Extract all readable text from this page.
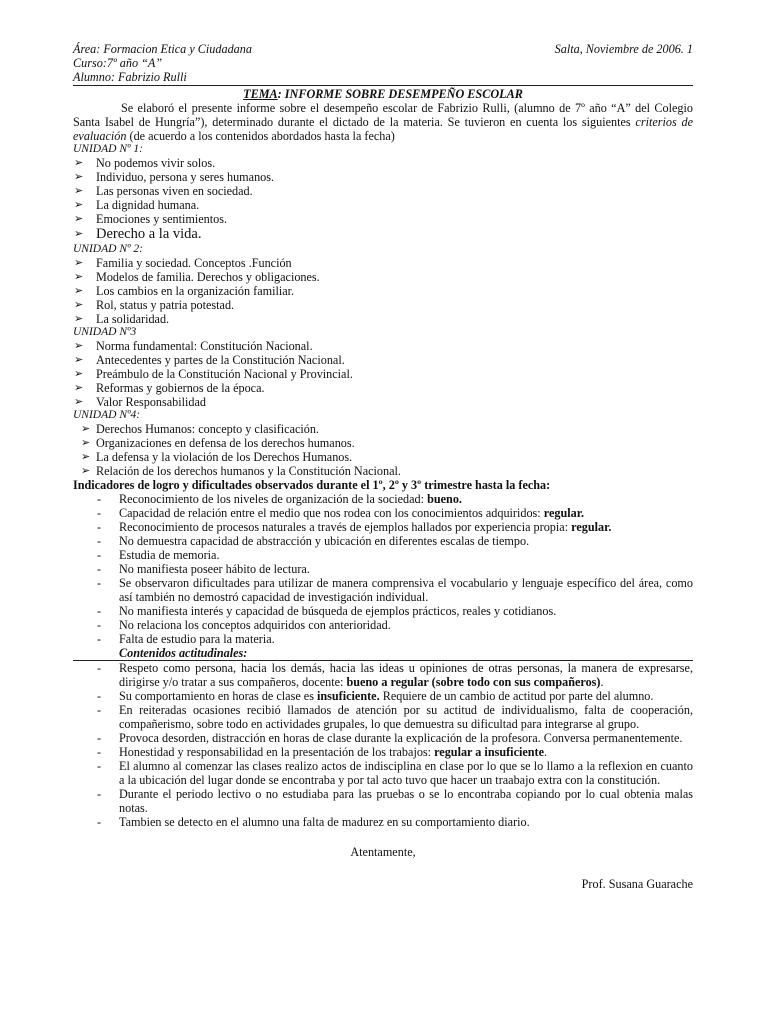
Área: Formacion Etica y Ciudadana
Curso:7º año “A”
Alumno: Fabrizio Rulli
Salta, Noviembre de 2006. 1
TEMA: INFORME SOBRE DESEMPEÑO ESCOLAR
Se elaboró el presente informe sobre el desempeño escolar de Fabrizio Rulli, (alumno de 7º año “A” del Colegio Santa Isabel de Hungría”), determinado durante el dictado de la materia. Se tuvieron en cuenta los siguientes criterios de evaluación (de acuerdo a los contenidos abordados hasta la fecha)
UNIDAD Nº 1:
➢ No podemos vivir solos.
➢ Individuo, persona y seres humanos.
➢ Las personas viven en sociedad.
➢ La dignidad humana.
➢ Emociones y sentimientos.
➢ Derecho a la vida.
UNIDAD Nº 2:
➢ Familia y sociedad. Conceptos .Función
➢ Modelos de familia. Derechos y obligaciones.
➢ Los cambios en la organización familiar.
➢ Rol, status y patria potestad.
➢ La solidaridad.
UNIDAD Nº3
➢ Norma fundamental: Constitución Nacional.
➢ Antecedentes y partes de la Constitución Nacional.
➢ Preámbulo de la Constitución Nacional y Provincial.
➢ Reformas y gobiernos de la época.
➢ Valor Responsabilidad
UNIDAD Nº4:
➢ Derechos Humanos: concepto y clasificación.
➢ Organizaciones en defensa de los derechos humanos.
➢ La defensa y la violación de los Derechos Humanos.
➢ Relación de los derechos humanos y la Constitución Nacional.
Indicadores de logro y dificultades observados durante el 1º, 2º y 3º trimestre hasta la fecha:
- Reconocimiento de los niveles de organización de la sociedad: bueno.
- Capacidad de relación entre el medio que nos rodea con los conocimientos adquiridos: regular.
- Reconocimiento de procesos naturales a través de ejemplos hallados por experiencia propia: regular.
- No demuestra capacidad de abstracción y ubicación en diferentes escalas de tiempo.
- Estudia de memoria.
- No manifiesta poseer hábito de lectura.
- Se observaron dificultades para utilizar de manera comprensiva el vocabulario y lenguaje específico del área, como así también no demostró capacidad de investigación individual.
- No manifiesta interés y capacidad de búsqueda de ejemplos prácticos, reales y cotidianos.
- No relaciona los conceptos adquiridos con anterioridad.
- Falta de estudio para la materia.
Contenidos actitudinales:
- Respeto como persona, hacia los demás, hacia las ideas u opiniones de otras personas, la manera de expresarse, dirigirse y/o tratar a sus compañeros, docente: bueno a regular (sobre todo con sus compañeros).
- Su comportamiento en horas de clase es insuficiente. Requiere de un cambio de actitud por parte del alumno.
- En reiteradas ocasiones recibió llamados de atención por su actitud de individualismo, falta de cooperación, compañerismo, sobre todo en actividades grupales, lo que demuestra su dificultad para integrarse al grupo.
- Provoca desorden, distracción en horas de clase durante la explicación de la profesora. Conversa permanentemente.
- Honestidad y responsabilidad en la presentación de los trabajos: regular a insuficiente.
- El alumno al comenzar las clases realizo actos de indisciplina en clase por lo que se lo llamo a la reflexion en cuanto a la ubicación del lugar donde se encontraba y por tal acto tuvo que hacer un traabajo extra con la constitución.
- Durante el periodo lectivo o no estudiaba para las pruebas o se lo encontraba copiando por lo cual obtenia malas notas.
- Tambien se detecto en el alumno una falta de madurez en su comportamiento diario.
Atentamente,
Prof. Susana Guarache
